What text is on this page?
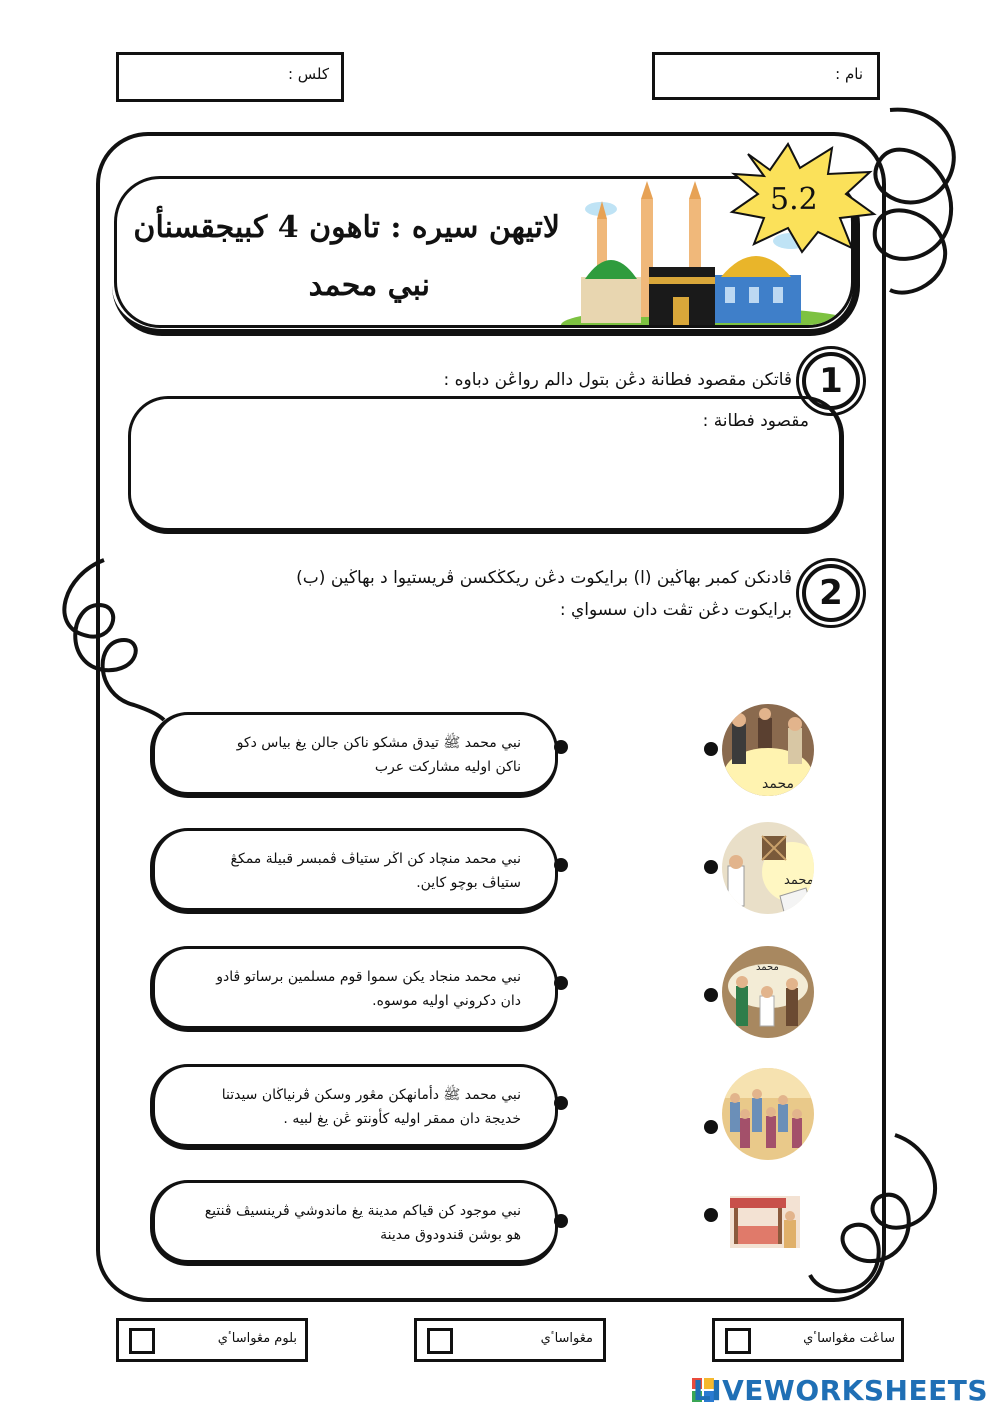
كلس :	نام :
لاتيهن سيره : تاهون 4 كبيجقسنأن
نبي محمد
5.2
1
ڤاتكن مقصود فطانة دڠن بتول دالم رواڠن دباوه :
مقصود فطانة :
2
ڤادنكن كمبر بهاڬين (ا) برايكوت دڠن ريكڬكسن ڤريستيوا د بهاڬين (ب)
برايكوت دڠن تڤت دان سسواي :

نبي محمد ﷺ تيدق مشكو ناكن جالن يغ بياس دكو
ناكن اوليه مشاركت عرب

نبي محمد منچاد كن اڬر ستياڤ ڤمبسر قبيلة ممكڠ
ستياڤ بوچو كاين.

نبي محمد منجاد يكن سموا قوم مسلمين برساتو ڤادو
دان دكروني اوليه موسوه.

نبي محمد ﷺ دأمانهكن مڠور وسكن ڤرنياڬان سيدتنا
خديجة دان ممقر اوليه كأونتو ڠن يغ لبيه .

نبي موجود كن قياكم مدينة يغ ماندوشي ڤرينسيڤ ڤنتيع
هو بوشن قندودوق مدينة

محمد
محمد
محمد
بلوم مڠواساٴي	مڠواساٴي	ساڠت مڠواساٴي
LIVEWORKSHEETS
